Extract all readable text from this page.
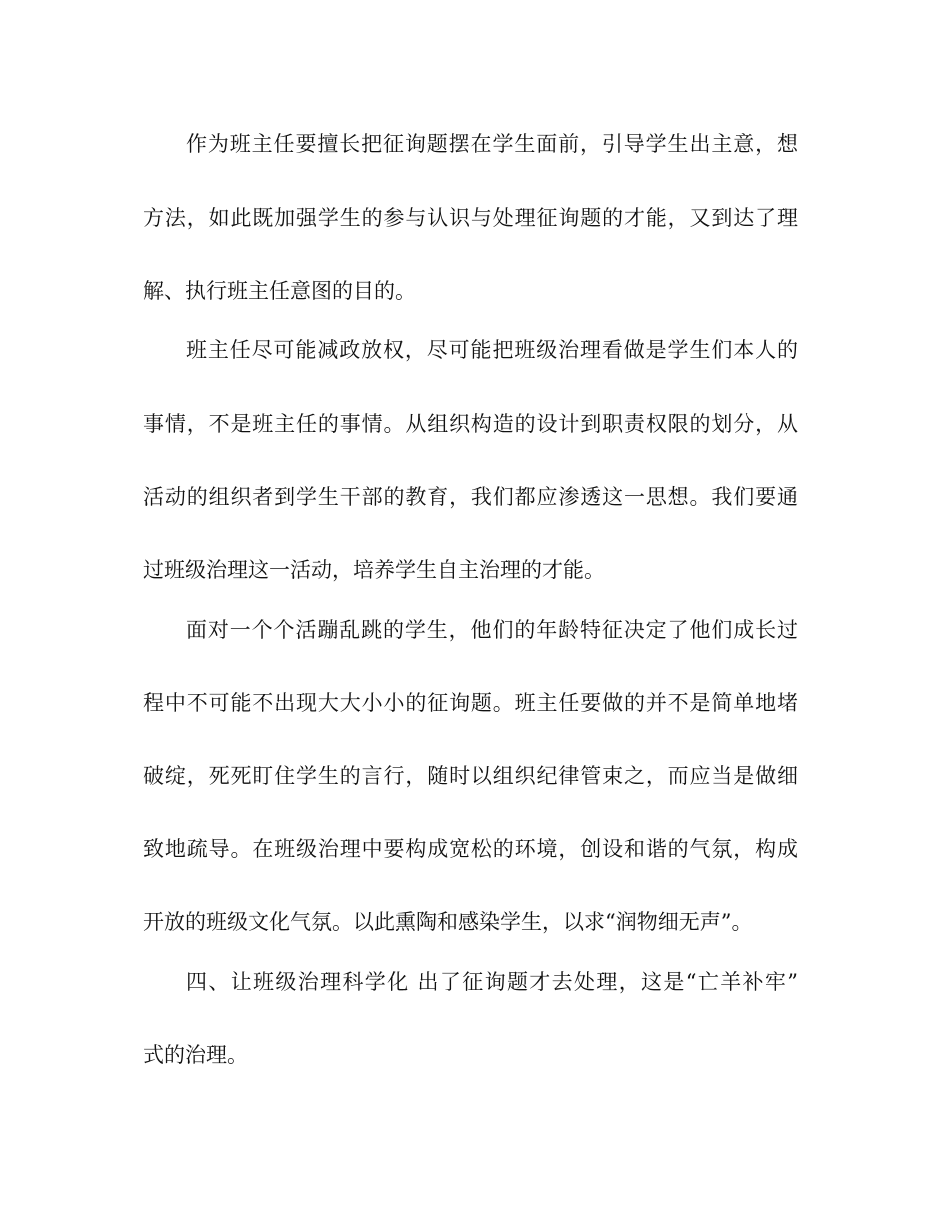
作为班主任要擅长把征询题摆在学生面前，引导学生出主意，想
方法，如此既加强学生的参与认识与处理征询题的才能，又到达了理
解、执行班主任意图的目的。
班主任尽可能减政放权，尽可能把班级治理看做是学生们本人的
事情，不是班主任的事情。从组织构造的设计到职责权限的划分，从
活动的组织者到学生干部的教育，我们都应渗透这一思想。我们要通
过班级治理这一活动，培养学生自主治理的才能。
面对一个个活蹦乱跳的学生，他们的年龄特征决定了他们成长过
程中不可能不出现大大小小的征询题。班主任要做的并不是简单地堵
破绽，死死盯住学生的言行，随时以组织纪律管束之，而应当是做细
致地疏导。在班级治理中要构成宽松的环境，创设和谐的气氛，构成
开放的班级文化气氛。以此熏陶和感染学生，以求“润物细无声”。
四、让班级治理科学化 出了征询题才去处理，这是“亡羊补牢”
式的治理。
